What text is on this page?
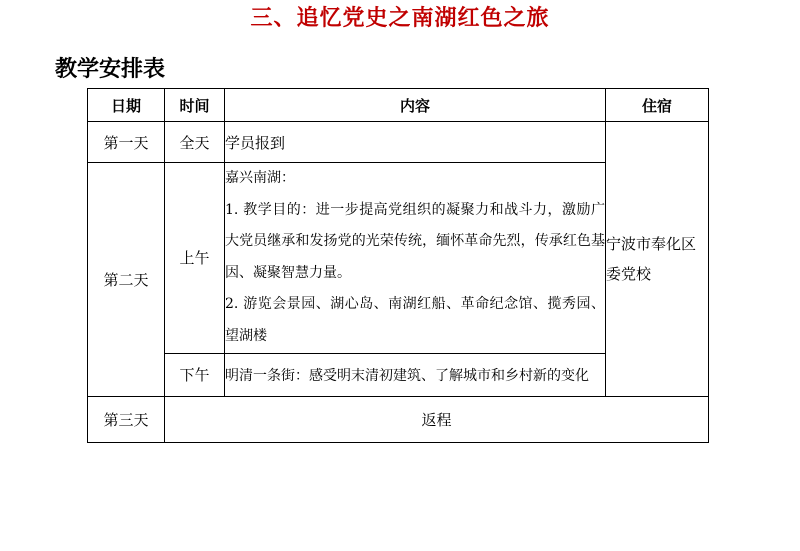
三、追忆党史之南湖红色之旅
教学安排表
日期	时间	内容	住宿
第一天	全天	学员报到	宁波市奉化区委党校
第二天	上午	嘉兴南湖：

1. 教学目的：进一步提高党组织的凝聚力和战斗力，激励广大党员继承和发扬党的光荣传统，缅怀革命先烈，传承红色基因、凝聚智慧力量。

2. 游览会景园、湖心岛、南湖红船、革命纪念馆、揽秀园、望湖楼	

	下午	明清一条街：感受明末清初建筑、了解城市和乡村新的变化	
第三天	返程		
